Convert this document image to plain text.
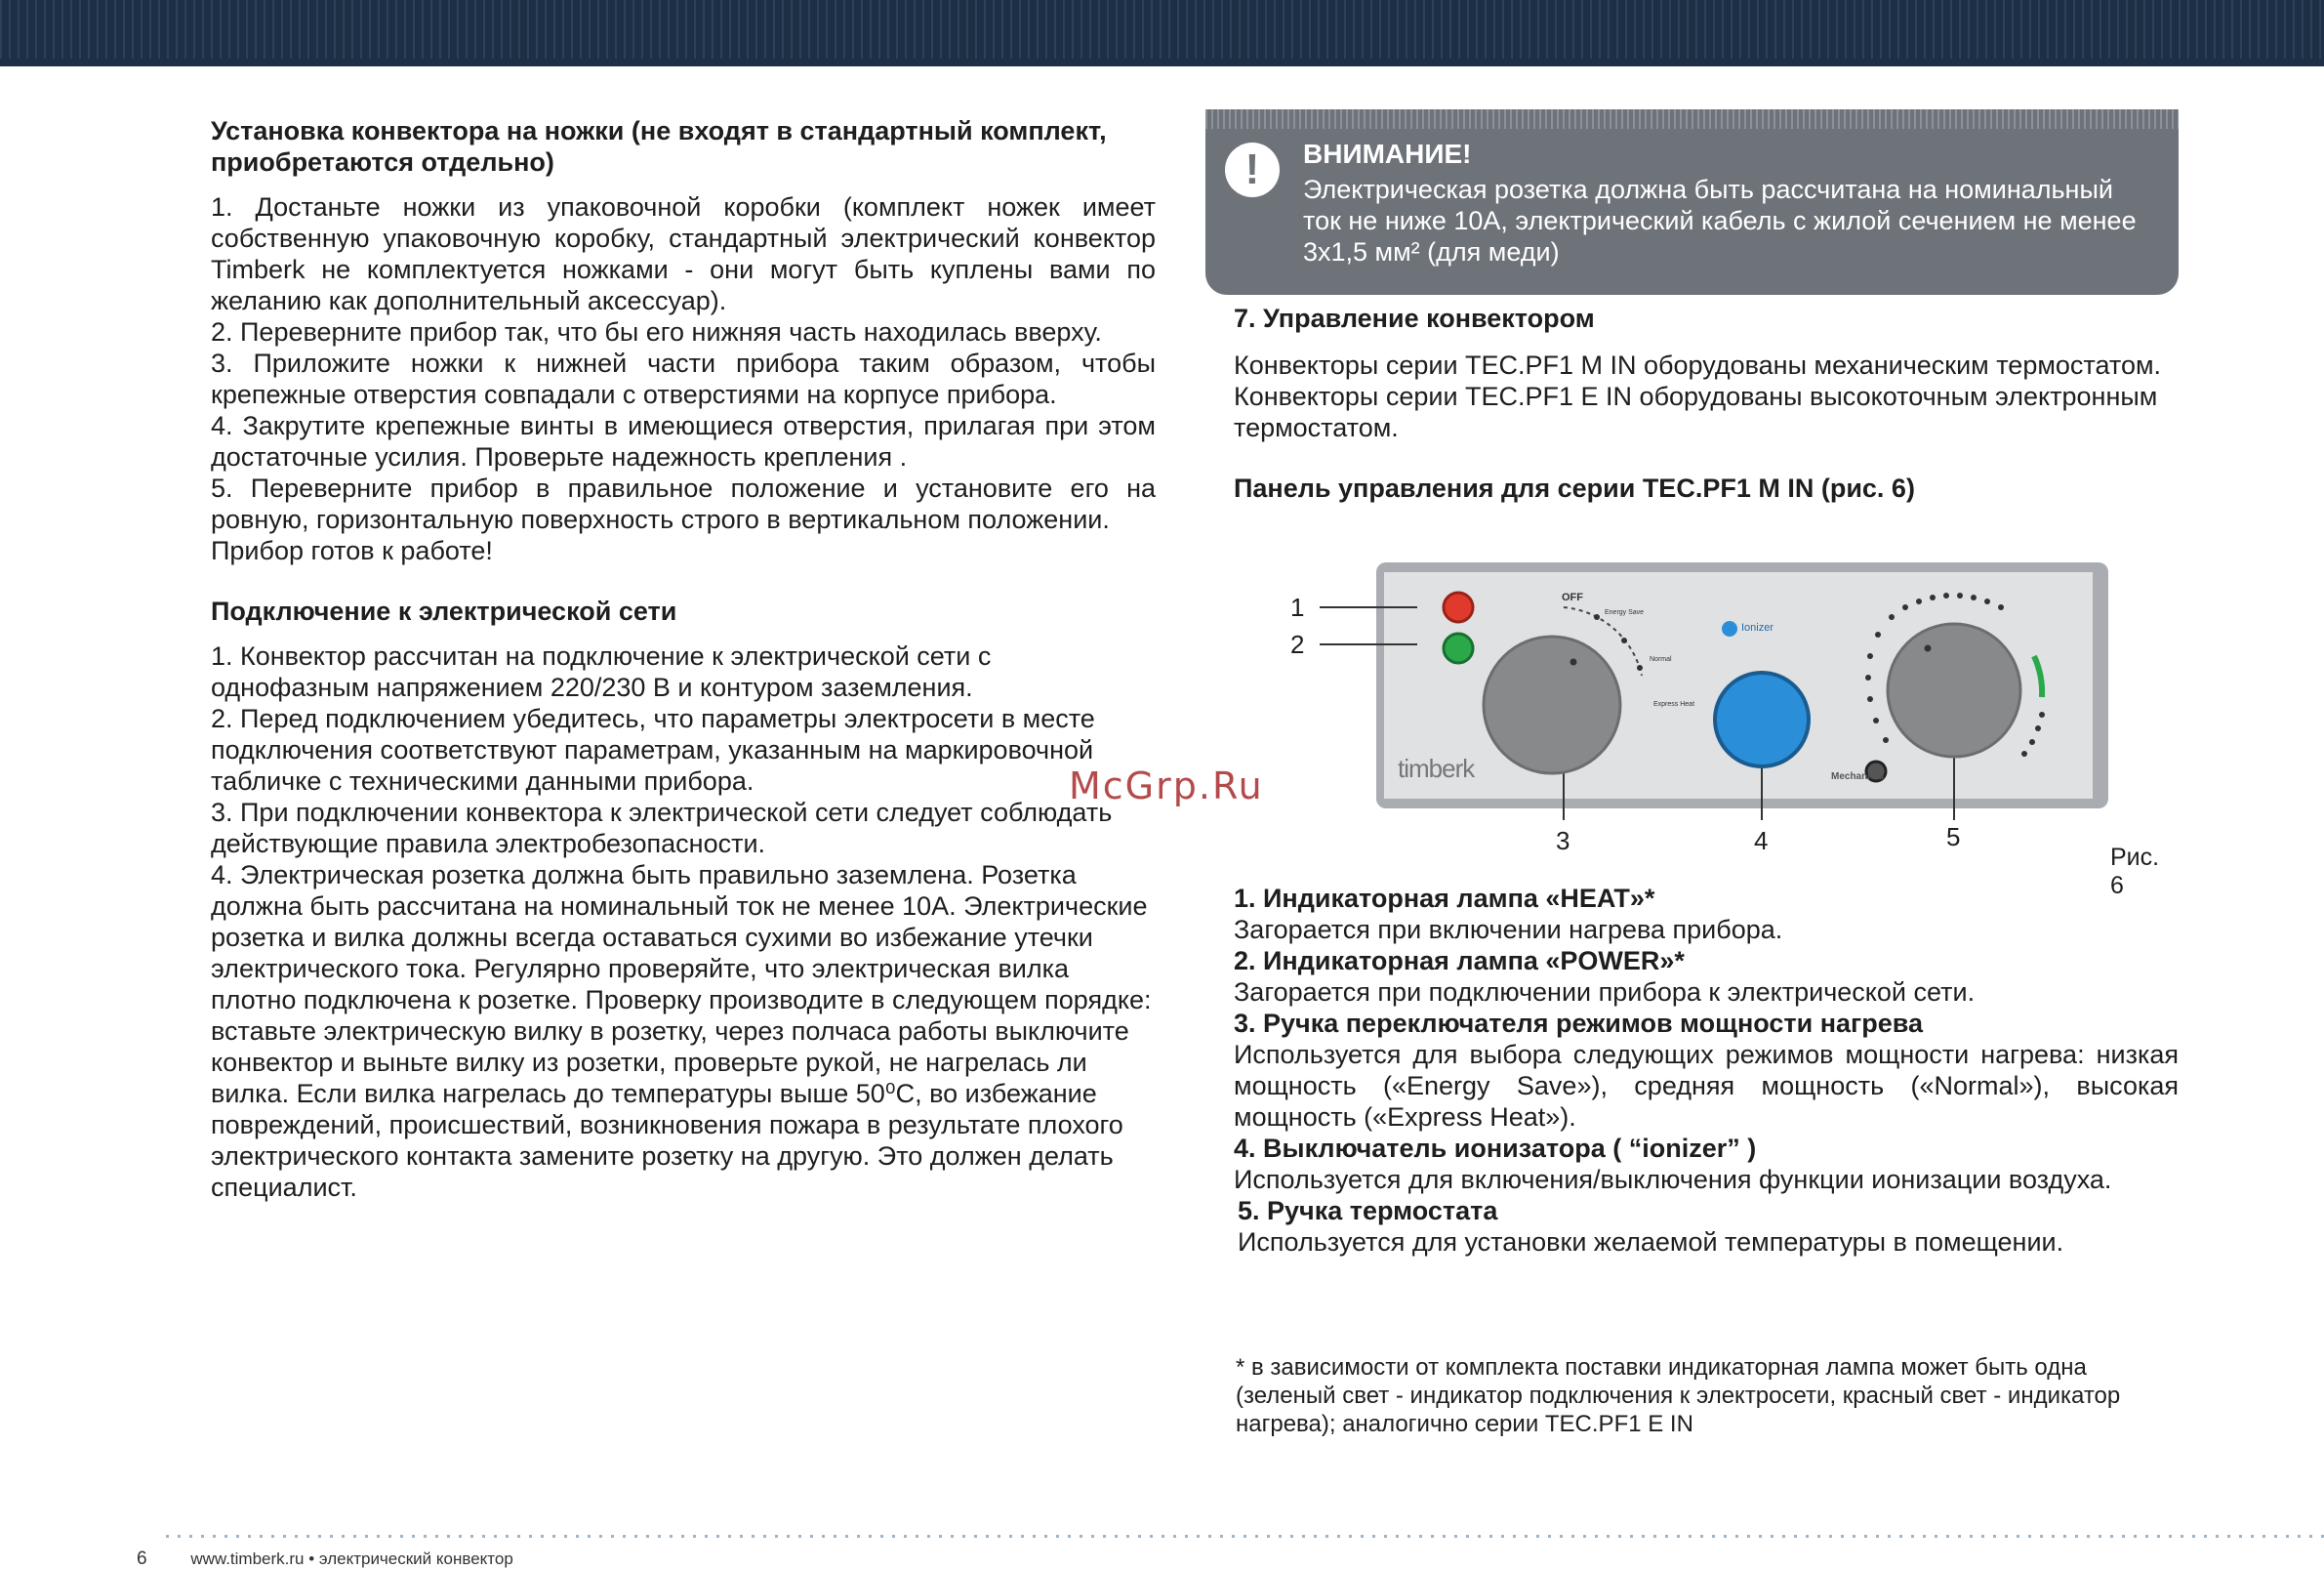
Установка конвектора на ножки (не входят в стандартный комплект, приобретаются отдельно)

1. Достаньте ножки из упаковочной коробки (комплект ножек имеет собственную упаковочную коробку, стандартный электрический конвектор Timberk не комплектуется ножками - они могут быть куплены вами по желанию как дополнительный аксессуар).

2. Переверните прибор так, что бы его нижняя часть находилась вверху.

3. Приложите ножки к нижней части прибора таким образом, чтобы крепежные отверстия совпадали с отверстиями на корпусе прибора.

4. Закрутите крепежные винты в имеющиеся отверстия, прилагая при этом достаточные усилия. Проверьте надежность крепления .

5. Переверните прибор в правильное положение и установите его на ровную, горизонтальную поверхность строго в вертикальном положении.

Прибор готов к работе!

Подключение к электрической сети

1. Конвектор рассчитан на подключение к электрической сети с однофазным напряжением 220/230 В и контуром заземления.

2. Перед подключением убедитесь, что параметры электросети в месте подключения соответствуют параметрам, указанным на маркировочной табличке с техническими данными прибора.

3. При подключении конвектора к электрической сети следует соблюдать действующие правила электробезопасности.

4. Электрическая розетка должна быть правильно заземлена. Розетка должна быть рассчитана на номинальный ток не менее 10А. Электрические розетка и вилка должны всегда оставаться сухими во избежание утечки электрического тока. Регулярно проверяйте, что электрическая вилка плотно подключена к розетке. Проверку производите в следующем порядке: вставьте электрическую вилку в розетку, через полчаса работы выключите конвектор и выньте вилку из розетки, проверьте рукой, не нагрелась ли вилка. Если вилка нагрелась до температуры выше 50⁰С, во избежание повреждений, происшествий, возникновения пожара в результате плохого электрического контакта замените розетку на другую. Это должен делать специалист.

!	ВНИМАНИЕ!
Электрическая розетка должна быть рассчитана на номинальный ток не ниже 10А, электрический кабель с жилой сечением не менее 3х1,5 мм² (для меди)
7. Управление конвектором

Конвекторы серии TEC.PF1 M IN оборудованы механическим термостатом.

Конвекторы серии TEC.PF1 E IN оборудованы высокоточным электронным термостатом.

Панель управления для серии TEC.PF1 M IN (рис. 6)
1
2
3	4	5
OFF
Energy Save
Normal
Express Heat
Ionizer
timberk	Mechanical
Рис. 6

1. Индикаторная лампа «HEAT»*

Загорается при включении нагрева прибора.

2. Индикаторная лампа «POWER»*

Загорается при подключении прибора к электрической сети.

3. Ручка переключателя режимов мощности нагрева

Используется для выбора следующих режимов мощности нагрева: низкая мощность («Energy Save»), средняя мощность («Normal»), высокая мощность («Express Heat»).

4. Выключатель ионизатора ( “ionizer” )

Используется для включения/выключения функции ионизации воздуха.

5. Ручка термостата

Используется для установки желаемой температуры в помещении.

* в зависимости от комплекта поставки индикаторная лампа может быть одна (зеленый свет - индикатор подключения к электросети, красный свет - индикатор нагрева); аналогично серии TEC.PF1 E IN
McGrp.Ru
6	www.timberk.ru • электрический конвектор
